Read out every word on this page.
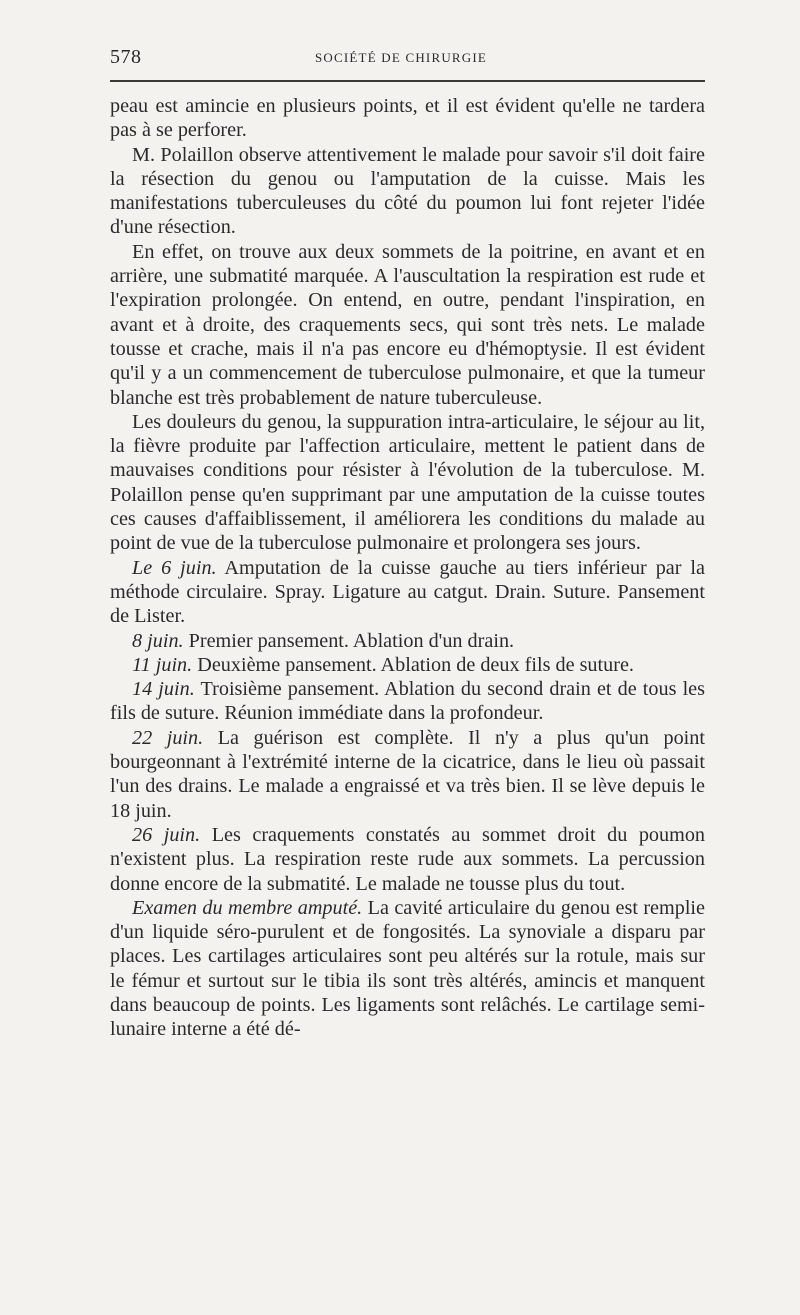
578	SOCIÉTÉ DE CHIRURGIE

peau est amincie en plusieurs points, et il est évident qu'elle ne tardera pas à se perforer.

M. Polaillon observe attentivement le malade pour savoir s'il doit faire la résection du genou ou l'amputation de la cuisse. Mais les manifestations tuberculeuses du côté du poumon lui font rejeter l'idée d'une résection.

En effet, on trouve aux deux sommets de la poitrine, en avant et en arrière, une submatité marquée. A l'auscultation la respiration est rude et l'expiration prolongée. On entend, en outre, pendant l'inspiration, en avant et à droite, des craquements secs, qui sont très nets. Le malade tousse et crache, mais il n'a pas encore eu d'hémoptysie. Il est évident qu'il y a un commencement de tuberculose pulmonaire, et que la tumeur blanche est très probablement de nature tuberculeuse.

Les douleurs du genou, la suppuration intra-articulaire, le séjour au lit, la fièvre produite par l'affection articulaire, mettent le patient dans de mauvaises conditions pour résister à l'évolution de la tuberculose. M. Polaillon pense qu'en supprimant par une amputation de la cuisse toutes ces causes d'affaiblissement, il améliorera les conditions du malade au point de vue de la tuberculose pulmonaire et prolongera ses jours.

Le 6 juin. Amputation de la cuisse gauche au tiers inférieur par la méthode circulaire. Spray. Ligature au catgut. Drain. Suture. Pansement de Lister.

8 juin. Premier pansement. Ablation d'un drain.

11 juin. Deuxième pansement. Ablation de deux fils de suture.

14 juin. Troisième pansement. Ablation du second drain et de tous les fils de suture. Réunion immédiate dans la profondeur.

22 juin. La guérison est complète. Il n'y a plus qu'un point bourgeonnant à l'extrémité interne de la cicatrice, dans le lieu où passait l'un des drains. Le malade a engraissé et va très bien. Il se lève depuis le 18 juin.

26 juin. Les craquements constatés au sommet droit du poumon n'existent plus. La respiration reste rude aux sommets. La percussion donne encore de la submatité. Le malade ne tousse plus du tout.

Examen du membre amputé. La cavité articulaire du genou est remplie d'un liquide séro-purulent et de fongosités. La synoviale a disparu par places. Les cartilages articulaires sont peu altérés sur la rotule, mais sur le fémur et surtout sur le tibia ils sont très altérés, amincis et manquent dans beaucoup de points. Les ligaments sont relâchés. Le cartilage semi-lunaire interne a été dé-
